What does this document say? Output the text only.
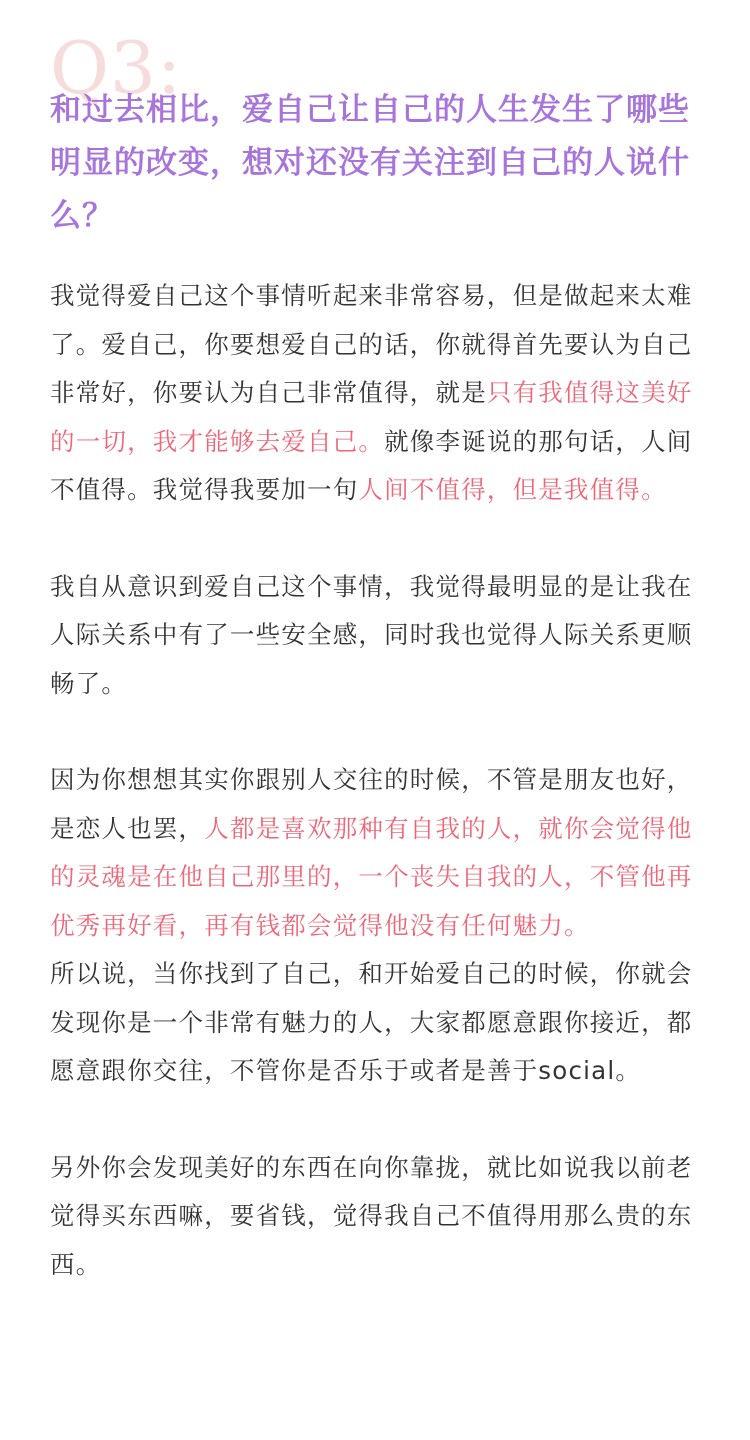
Q3:
和过去相比，爱自己让自己的人生发生了哪些明显的改变，想对还没有关注到自己的人说什么？

我觉得爱自己这个事情听起来非常容易，但是做起来太难了。爱自己，你要想爱自己的话，你就得首先要认为自己非常好，你要认为自己非常值得，就是只有我值得这美好的一切，我才能够去爱自己。就像李诞说的那句话，人间不值得。我觉得我要加一句人间不值得，但是我值得。

我自从意识到爱自己这个事情，我觉得最明显的是让我在人际关系中有了一些安全感，同时我也觉得人际关系更顺畅了。

因为你想想其实你跟别人交往的时候，不管是朋友也好，是恋人也罢，人都是喜欢那种有自我的人，就你会觉得他的灵魂是在他自己那里的，一个丧失自我的人，不管他再优秀再好看，再有钱都会觉得他没有任何魅力。

所以说，当你找到了自己，和开始爱自己的时候，你就会发现你是一个非常有魅力的人，大家都愿意跟你接近，都愿意跟你交往，不管你是否乐于或者是善于social。

另外你会发现美好的东西在向你靠拢，就比如说我以前老觉得买东西嘛，要省钱，觉得我自己不值得用那么贵的东西。
